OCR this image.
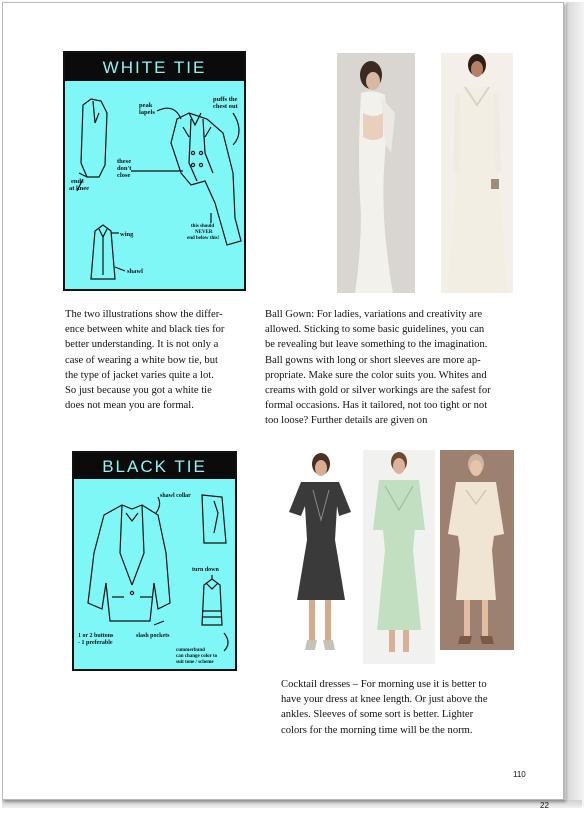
WHITE TIE
peak
lapels
puffs the
chest out
these
don't
close
ends
at knee
this should
NEVER
end below this!
wing
shawl
The two illustrations show the differ-
ence between white and black ties for
better understanding. It is not only a
case of wearing a white bow tie, but
the type of jacket varies quite a lot.
So just because you got a white tie
does not mean you are formal.
Ball Gown: For ladies, variations and creativity are
allowed. Sticking to some basic guidelines, you can
be revealing but leave something to the imagination.
Ball gowns with long or short sleeves are more ap-
propriate. Make sure the color suits you. Whites and
creams with gold or silver workings are the safest for
formal occasions. Has it tailored, not too tight or not
too loose? Further details are given on
BLACK TIE
shawl collar
turn down
1 or 2 buttons
- 1 preferable
slash pockets
cummerbund
can change color to
suit tone / scheme
Cocktail dresses – For morning use it is better to
have your dress at knee length. Or just above the
ankles. Sleeves of some sort is better. Lighter
colors for the morning time will be the norm.
110
22
